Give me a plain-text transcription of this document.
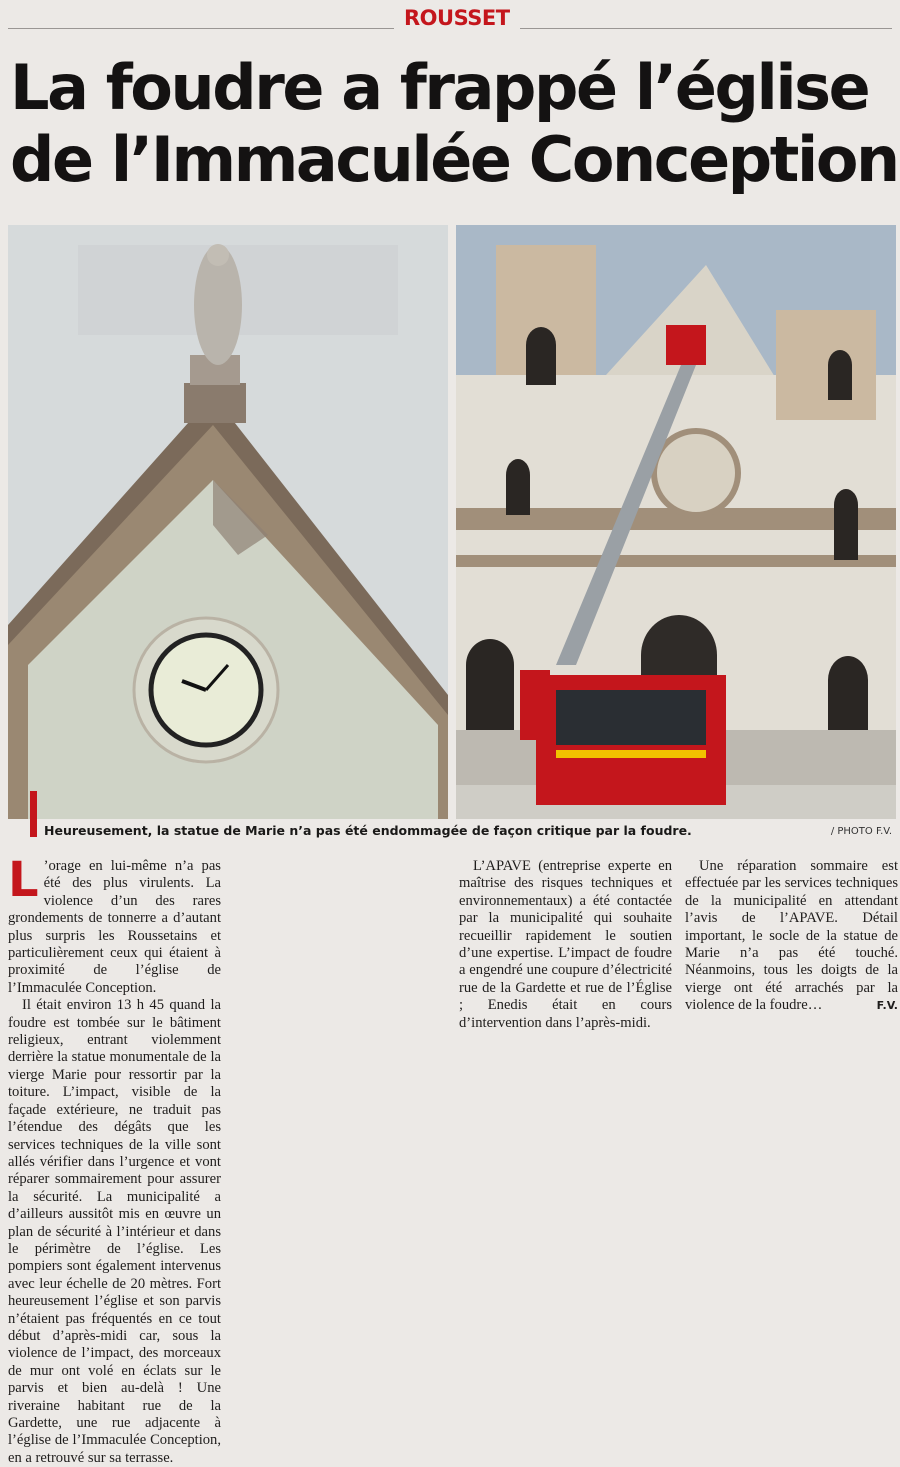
ROUSSET
La foudre a frappé l’église
de l’Immaculée Conception
Heureusement, la statue de Marie n’a pas été endommagée de façon critique par la foudre.	/ PHOTO F.V.

L ’orage en lui-même n’a pas été des plus virulents. La violence d’un des rares grondements de tonnerre a d’autant plus surpris les Roussetains et particulièrement ceux qui étaient à proximité de l’église de l’Immaculée Conception.

Il était environ 13 h 45 quand la foudre est tombée sur le bâtiment religieux, entrant violemment derrière la statue monumentale de la vierge Marie pour ressortir par la toiture. L’impact, visible de la façade extérieure, ne traduit pas l’étendue des dégâts que les services techniques de la ville sont allés vérifier dans l’urgence et vont réparer sommairement pour assurer la sécurité. La municipalité a d’ailleurs aussitôt mis en œuvre un plan de sécurité à l’intérieur et dans le périmètre de l’église. Les pompiers sont également intervenus avec leur échelle de 20 mètres. Fort heureusement l’église et son parvis n’étaient pas fréquentés en ce tout début d’après-midi car, sous la violence de l’impact, des morceaux de mur ont volé en éclats sur le parvis et bien au-delà ! Une riveraine habitant rue de la Gardette, une rue adjacente à l’église de l’Immaculée Conception, en a retrouvé sur sa terrasse.

L’APAVE (entreprise experte en maîtrise des risques techniques et environnementaux) a été contactée par la municipalité qui souhaite recueillir rapidement le soutien d’une expertise. L’impact de foudre a engendré une coupure d’électricité rue de la Gardette et rue de l’Église ; Enedis était en cours d’intervention dans l’après-midi.

Une réparation sommaire est effectuée par les services techniques de la municipalité en attendant l’avis de l’APAVE. Détail important, le socle de la statue de Marie n’a pas été touché. Néanmoins, tous les doigts de la vierge ont été arrachés par la violence de la foudre…	F.V.
